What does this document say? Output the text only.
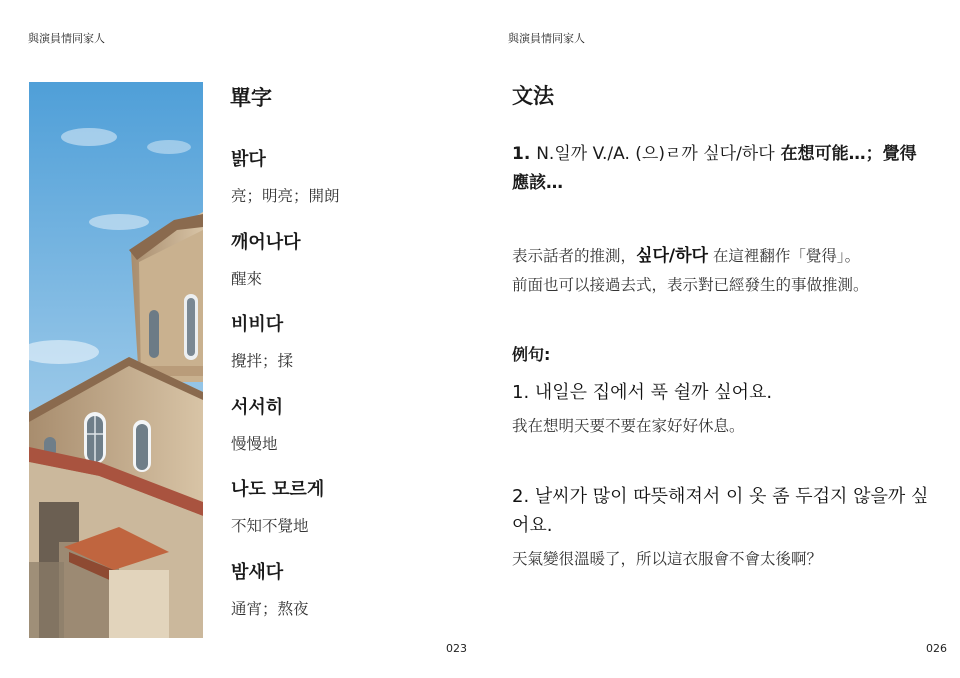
與演員情同家人
單字
밝다
亮；明亮；開朗
깨어나다
醒來
비비다
攪拌；揉
서서히
慢慢地
나도 모르게
不知不覺地
밤새다
通宵；熬夜
023
與演員情同家人
文法
1. N.일까 V./A. (으)ㄹ까 싶다/하다 在想可能…；覺得應該…
表示話者的推測，싶다/하다 在這裡翻作「覺得」。
前面也可以接過去式，表示對已經發生的事做推測。
例句:
1. 내일은 집에서 푹 쉴까 싶어요.
我在想明天要不要在家好好休息。
2. 날씨가 많이 따뜻해져서 이 옷 좀 두겁지 않을까 싶어요.
天氣變很溫暖了，所以這衣服會不會太後啊？
026
